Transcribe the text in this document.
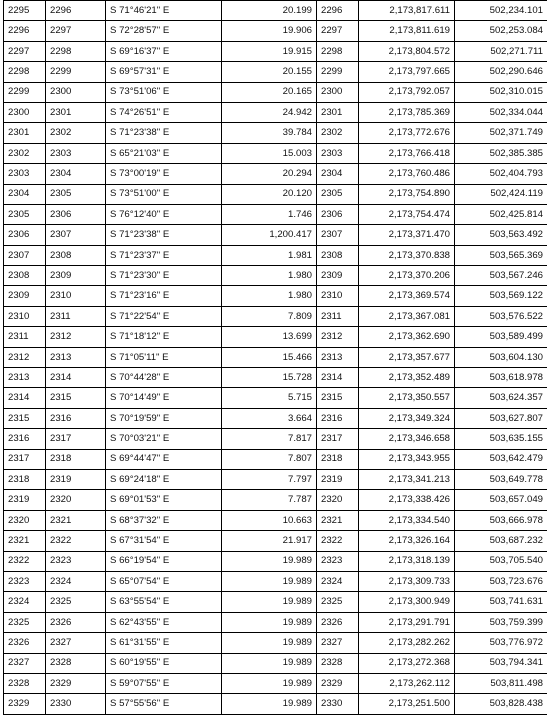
2295	2296	S 71°46'21" E	20.199	2296	2,173,817.611	502,234.101
2296	2297	S 72°28'57" E	19.906	2297	2,173,811.619	502,253.084
2297	2298	S 69°16'37" E	19.915	2298	2,173,804.572	502,271.711
2298	2299	S 69°57'31" E	20.155	2299	2,173,797.665	502,290.646
2299	2300	S 73°51'06" E	20.165	2300	2,173,792.057	502,310.015
2300	2301	S 74°26'51" E	24.942	2301	2,173,785.369	502,334.044
2301	2302	S 71°23'38" E	39.784	2302	2,173,772.676	502,371.749
2302	2303	S 65°21'03" E	15.003	2303	2,173,766.418	502,385.385
2303	2304	S 73°00'19" E	20.294	2304	2,173,760.486	502,404.793
2304	2305	S 73°51'00" E	20.120	2305	2,173,754.890	502,424.119
2305	2306	S 76°12'40" E	1.746	2306	2,173,754.474	502,425.814
2306	2307	S 71°23'38" E	1,200.417	2307	2,173,371.470	503,563.492
2307	2308	S 71°23'37" E	1.981	2308	2,173,370.838	503,565.369
2308	2309	S 71°23'30" E	1.980	2309	2,173,370.206	503,567.246
2309	2310	S 71°23'16" E	1.980	2310	2,173,369.574	503,569.122
2310	2311	S 71°22'54" E	7.809	2311	2,173,367.081	503,576.522
2311	2312	S 71°18'12" E	13.699	2312	2,173,362.690	503,589.499
2312	2313	S 71°05'11" E	15.466	2313	2,173,357.677	503,604.130
2313	2314	S 70°44'28" E	15.728	2314	2,173,352.489	503,618.978
2314	2315	S 70°14'49" E	5.715	2315	2,173,350.557	503,624.357
2315	2316	S 70°19'59" E	3.664	2316	2,173,349.324	503,627.807
2316	2317	S 70°03'21" E	7.817	2317	2,173,346.658	503,635.155
2317	2318	S 69°44'47" E	7.807	2318	2,173,343.955	503,642.479
2318	2319	S 69°24'18" E	7.797	2319	2,173,341.213	503,649.778
2319	2320	S 69°01'53" E	7.787	2320	2,173,338.426	503,657.049
2320	2321	S 68°37'32" E	10.663	2321	2,173,334.540	503,666.978
2321	2322	S 67°31'54" E	21.917	2322	2,173,326.164	503,687.232
2322	2323	S 66°19'54" E	19.989	2323	2,173,318.139	503,705.540
2323	2324	S 65°07'54" E	19.989	2324	2,173,309.733	503,723.676
2324	2325	S 63°55'54" E	19.989	2325	2,173,300.949	503,741.631
2325	2326	S 62°43'55" E	19.989	2326	2,173,291.791	503,759.399
2326	2327	S 61°31'55" E	19.989	2327	2,173,282.262	503,776.972
2327	2328	S 60°19'55" E	19.989	2328	2,173,272.368	503,794.341
2328	2329	S 59°07'55" E	19.989	2329	2,173,262.112	503,811.498
2329	2330	S 57°55'56" E	19.989	2330	2,173,251.500	503,828.438
